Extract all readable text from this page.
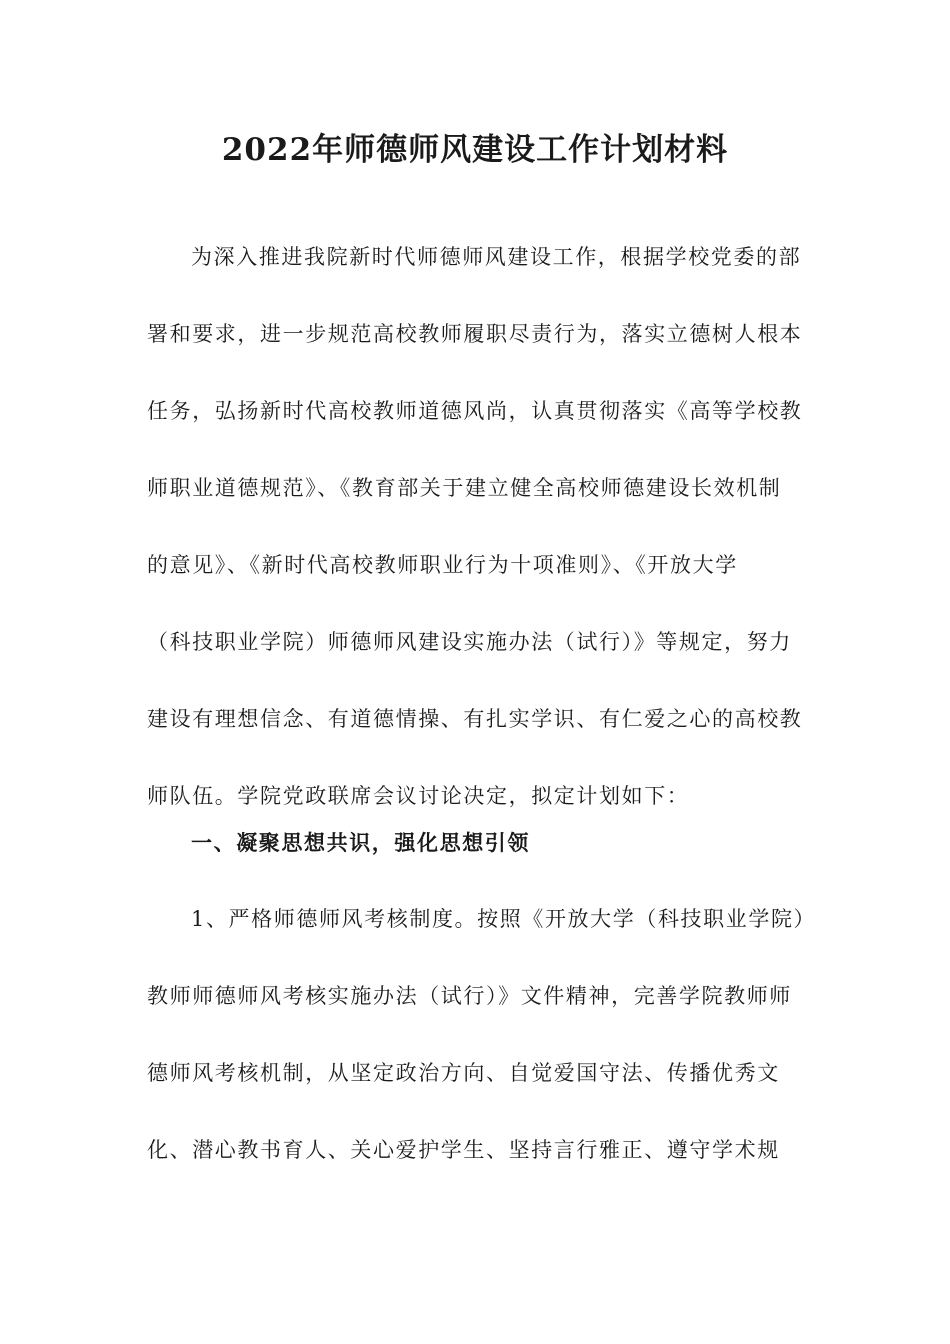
2022年师德师风建设工作计划材料
为深入推进我院新时代师德师风建设工作，根据学校党委的部
署和要求，进一步规范高校教师履职尽责行为，落实立德树人根本
任务，弘扬新时代高校教师道德风尚，认真贯彻落实《高等学校教
师职业道德规范》、《教育部关于建立健全高校师德建设长效机制
的意见》、《新时代高校教师职业行为十项准则》、《开放大学
（科技职业学院）师德师风建设实施办法（试行）》等规定，努力
建设有理想信念、有道德情操、有扎实学识、有仁爱之心的高校教
师队伍。学院党政联席会议讨论决定，拟定计划如下：
一、凝聚思想共识，强化思想引领
1、严格师德师风考核制度。按照《开放大学（科技职业学院）
教师师德师风考核实施办法（试行）》文件精神，完善学院教师师
德师风考核机制，从坚定政治方向、自觉爱国守法、传播优秀文
化、潜心教书育人、关心爱护学生、坚持言行雅正、遵守学术规
